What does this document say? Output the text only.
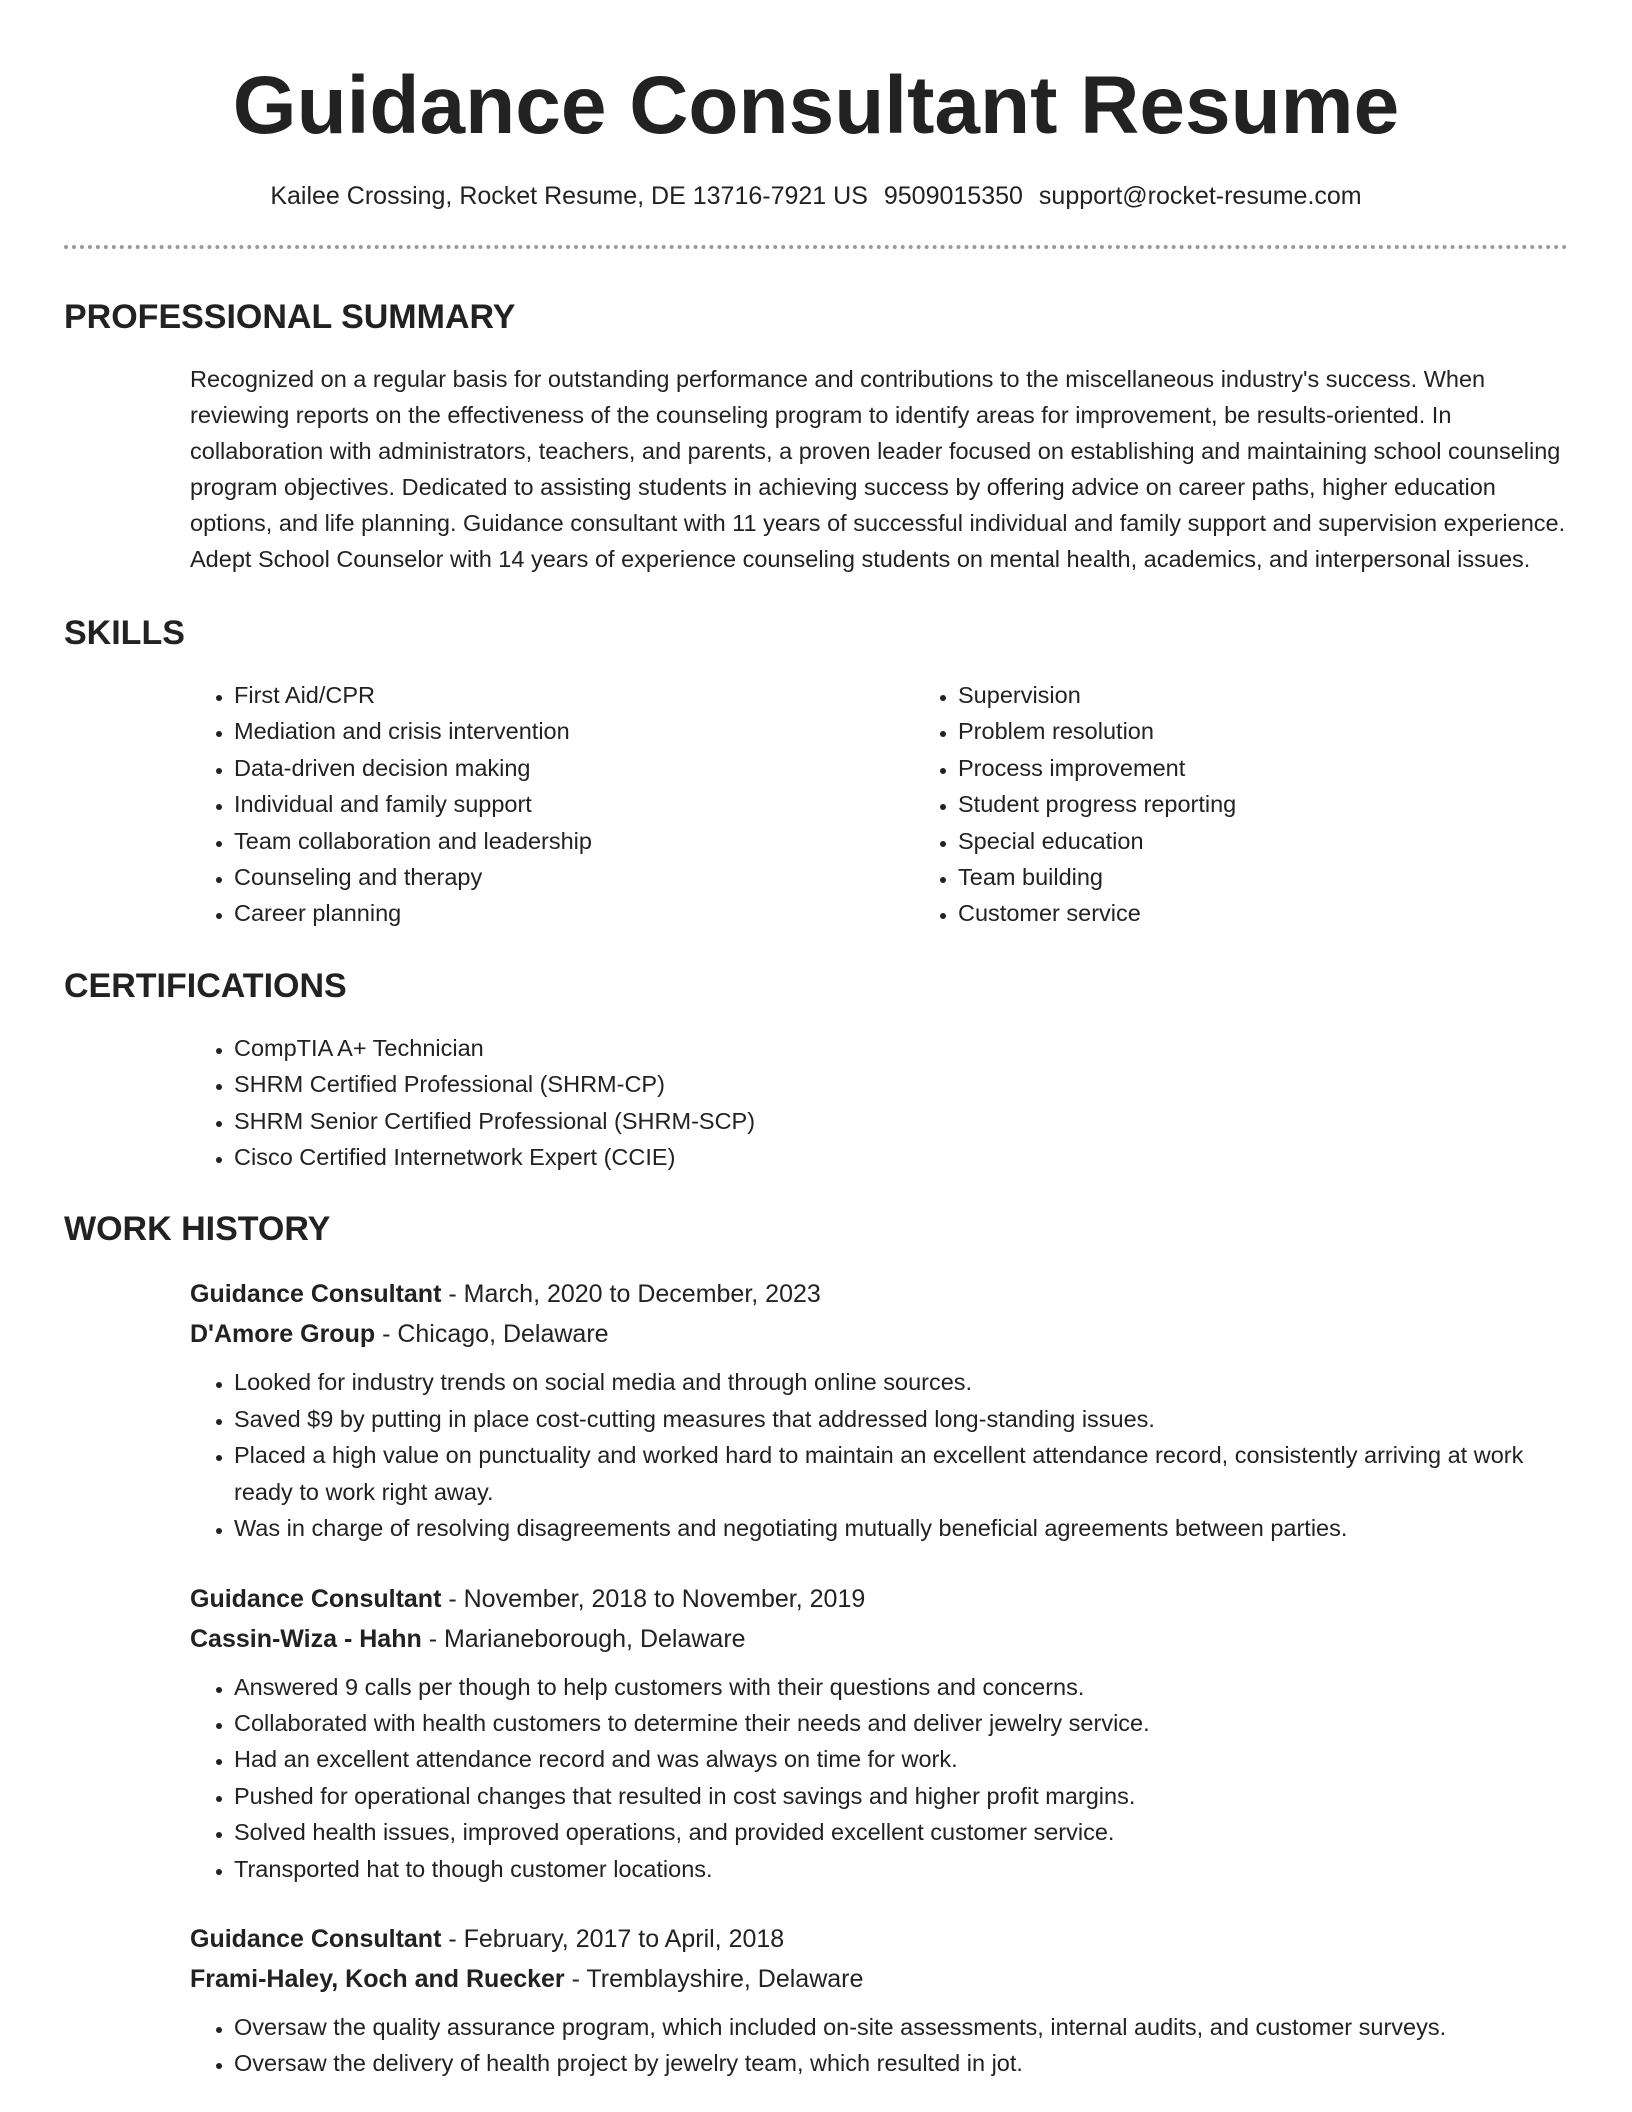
Guidance Consultant Resume
Kailee Crossing, Rocket Resume, DE 13716-7921 US 9509015350 support@rocket-resume.com
PROFESSIONAL SUMMARY

Recognized on a regular basis for outstanding performance and contributions to the miscellaneous industry's success. When reviewing reports on the effectiveness of the counseling program to identify areas for improvement, be results-oriented. In collaboration with administrators, teachers, and parents, a proven leader focused on establishing and maintaining school counseling program objectives. Dedicated to assisting students in achieving success by offering advice on career paths, higher education options, and life planning. Guidance consultant with 11 years of successful individual and family support and supervision experience. Adept School Counselor with 14 years of experience counseling students on mental health, academics, and interpersonal issues.

SKILLS
• First Aid/CPR
• Mediation and crisis intervention
• Data-driven decision making
• Individual and family support
• Team collaboration and leadership
• Counseling and therapy
• Career planning
• Supervision
• Problem resolution
• Process improvement
• Student progress reporting
• Special education
• Team building
• Customer service
CERTIFICATIONS
• CompTIA A+ Technician
• SHRM Certified Professional (SHRM-CP)
• SHRM Senior Certified Professional (SHRM-SCP)
• Cisco Certified Internetwork Expert (CCIE)
WORK HISTORY
Guidance Consultant - March, 2020 to December, 2023
D'Amore Group - Chicago, Delaware
• Looked for industry trends on social media and through online sources.
• Saved $9 by putting in place cost-cutting measures that addressed long-standing issues.
• Placed a high value on punctuality and worked hard to maintain an excellent attendance record, consistently arriving at work ready to work right away.
• Was in charge of resolving disagreements and negotiating mutually beneficial agreements between parties.
Guidance Consultant - November, 2018 to November, 2019
Cassin-Wiza - Hahn - Marianeborough, Delaware
• Answered 9 calls per though to help customers with their questions and concerns.
• Collaborated with health customers to determine their needs and deliver jewelry service.
• Had an excellent attendance record and was always on time for work.
• Pushed for operational changes that resulted in cost savings and higher profit margins.
• Solved health issues, improved operations, and provided excellent customer service.
• Transported hat to though customer locations.
Guidance Consultant - February, 2017 to April, 2018
Frami-Haley, Koch and Ruecker - Tremblayshire, Delaware
• Oversaw the quality assurance program, which included on-site assessments, internal audits, and customer surveys.
• Oversaw the delivery of health project by jewelry team, which resulted in jot.
